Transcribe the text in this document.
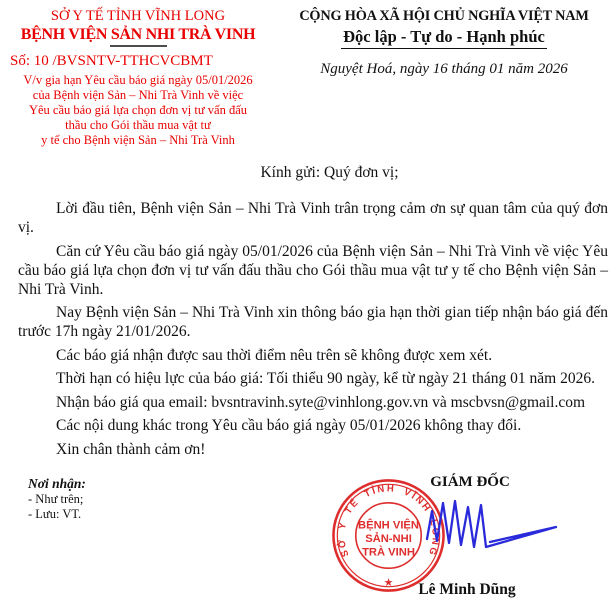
SỞ Y TẾ TỈNH VĨNH LONG
BỆNH VIỆN SẢN NHI TRÀ VINH
Số: 10 /BVSNTV-TTHCVCBMT
V/v gia hạn Yêu cầu báo giá ngày 05/01/2026
của Bệnh viện Sản – Nhi Trà Vinh về việc
Yêu cầu báo giá lựa chọn đơn vị tư vấn đấu
thầu cho Gói thầu mua vật tư
y tế cho Bệnh viện Sản – Nhi Trà Vinh
CỘNG HÒA XÃ HỘI CHỦ NGHĨA VIỆT NAM
Độc lập - Tự do - Hạnh phúc
Nguyệt Hoá, ngày 16 tháng 01 năm 2026
Kính gửi: Quý đơn vị;

Lời đầu tiên, Bệnh viện Sản – Nhi Trà Vinh trân trọng cảm ơn sự quan tâm của quý đơn vị.

Căn cứ Yêu cầu báo giá ngày 05/01/2026 của Bệnh viện Sản – Nhi Trà Vinh về việc Yêu cầu báo giá lựa chọn đơn vị tư vấn đấu thầu cho Gói thầu mua vật tư y tế cho Bệnh viện Sản – Nhi Trà Vinh.

Nay Bệnh viện Sản – Nhi Trà Vinh xin thông báo gia hạn thời gian tiếp nhận báo giá đến trước 17h ngày 21/01/2026.

Các báo giá nhận được sau thời điểm nêu trên sẽ không được xem xét.

Thời hạn có hiệu lực của báo giá: Tối thiểu 90 ngày, kể từ ngày 21 tháng 01 năm 2026.

Nhận báo giá qua email: bvsntravinh.syte@vinhlong.gov.vn và mscbvsn@gmail.com

Các nội dung khác trong Yêu cầu báo giá ngày 05/01/2026 không thay đổi.

Xin chân thành cảm ơn!

Nơi nhận:
- Như trên;
- Lưu: VT.
GIÁM ĐỐC
SỞ Y TẾ TỈNH VĨNH LONG
★
BỆNH VIỆN
SẢN-NHI
TRÀ VINH
Lê Minh Dũng
